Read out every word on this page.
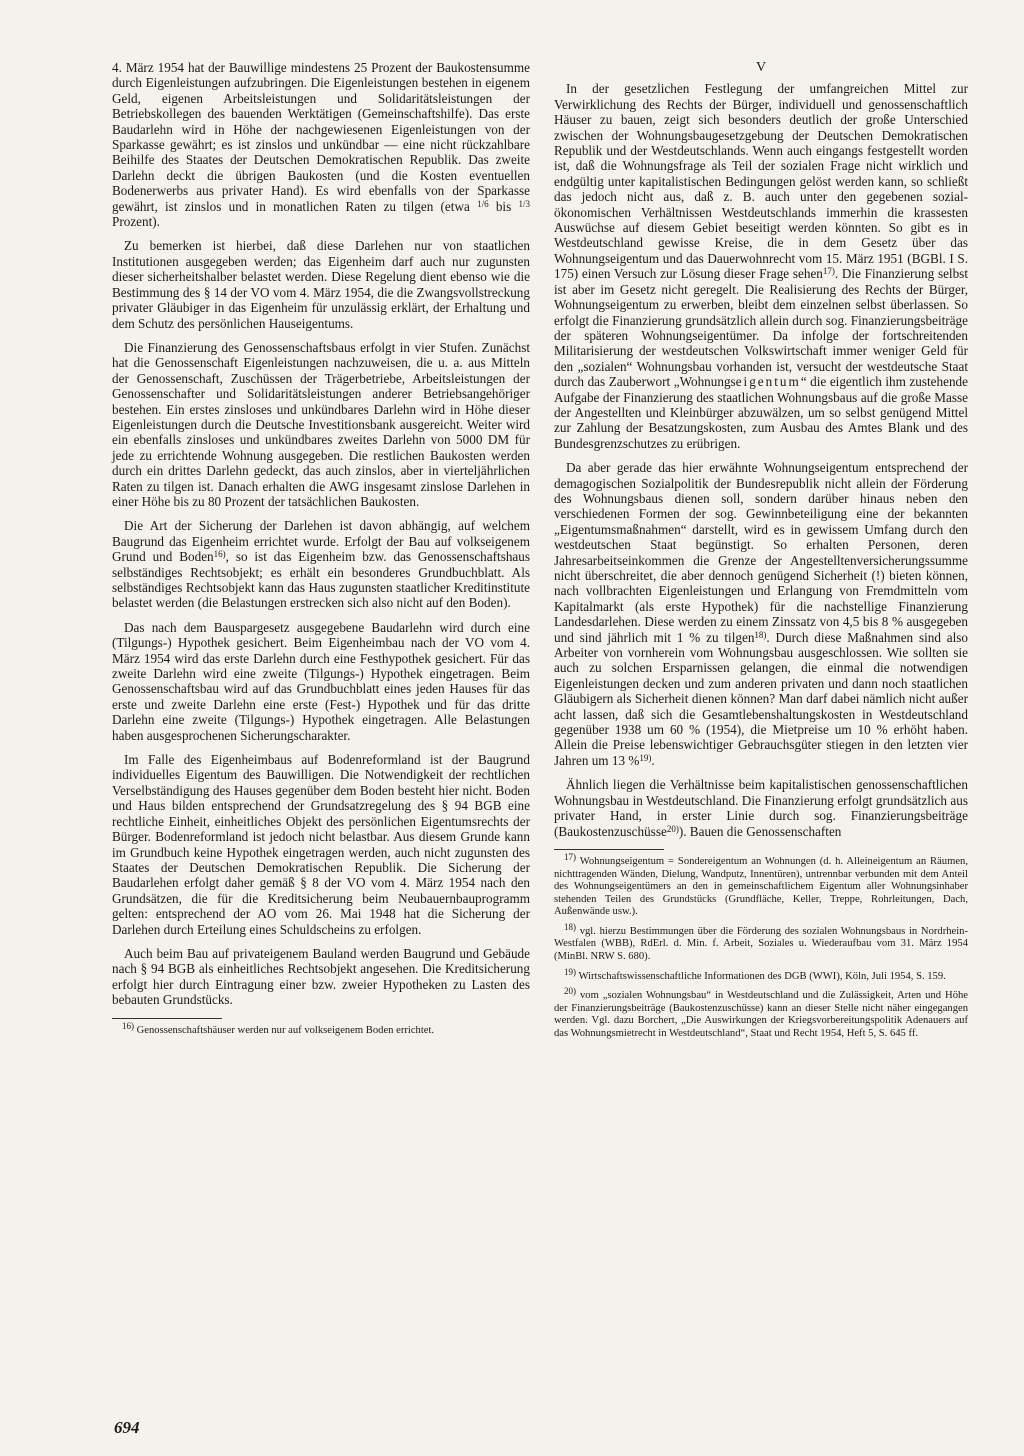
4. März 1954 hat der Bauwillige mindestens 25 Prozent der Baukostensumme durch Eigenleistungen aufzubringen. Die Eigenleistungen bestehen in eigenem Geld, eigenen Arbeitsleistungen und Solidaritätsleistungen der Betriebskollegen des bauenden Werktätigen (Gemeinschaftshilfe). Das erste Baudarlehn wird in Höhe der nachgewiesenen Eigenleistungen von der Sparkasse gewährt; es ist zinslos und unkündbar — eine nicht rückzahlbare Beihilfe des Staates der Deutschen Demokratischen Republik. Das zweite Darlehn deckt die übrigen Baukosten (und die Kosten eventuellen Bodenerwerbs aus privater Hand). Es wird ebenfalls von der Sparkasse gewährt, ist zinslos und in monatlichen Raten zu tilgen (etwa $^{1/6}$ bis $^{1/3}$ Prozent).

Zu bemerken ist hierbei, daß diese Darlehen nur von staatlichen Institutionen ausgegeben werden; das Eigenheim darf auch nur zugunsten dieser sicherheitshalber belastet werden. Diese Regelung dient ebenso wie die Bestimmung des § 14 der VO vom 4. März 1954, die die Zwangsvollstreckung privater Gläubiger in das Eigenheim für unzulässig erklärt, der Erhaltung und dem Schutz des persönlichen Hauseigentums.

Die Finanzierung des Genossenschaftsbaus erfolgt in vier Stufen. Zunächst hat die Genossenschaft Eigenleistungen nachzuweisen, die u. a. aus Mitteln der Genossenschaft, Zuschüssen der Trägerbetriebe, Arbeitsleistungen der Genossenschafter und Solidaritätsleistungen anderer Betriebsangehöriger bestehen. Ein erstes zinsloses und unkündbares Darlehn wird in Höhe dieser Eigenleistungen durch die Deutsche Investitionsbank ausgereicht. Weiter wird ein ebenfalls zinsloses und unkündbares zweites Darlehn von 5000 DM für jede zu errichtende Wohnung ausgegeben. Die restlichen Baukosten werden durch ein drittes Darlehn gedeckt, das auch zinslos, aber in vierteljährlichen Raten zu tilgen ist. Danach erhalten die AWG insgesamt zinslose Darlehen in einer Höhe bis zu 80 Prozent der tatsächlichen Baukosten.

Die Art der Sicherung der Darlehen ist davon abhängig, auf welchem Baugrund das Eigenheim errichtet wurde. Erfolgt der Bau auf volkseigenem Grund und Boden$^{16)}$, so ist das Eigenheim bzw. das Genossenschaftshaus selbständiges Rechtsobjekt; es erhält ein besonderes Grundbuchblatt. Als selbständiges Rechtsobjekt kann das Haus zugunsten staatlicher Kreditinstitute belastet werden (die Belastungen erstrecken sich also nicht auf den Boden).

Das nach dem Bauspargesetz ausgegebene Baudarlehn wird durch eine (Tilgungs-) Hypothek gesichert. Beim Eigenheimbau nach der VO vom 4. März 1954 wird das erste Darlehn durch eine Festhypothek gesichert. Für das zweite Darlehn wird eine zweite (Tilgungs-) Hypothek eingetragen. Beim Genossenschaftsbau wird auf das Grundbuchblatt eines jeden Hauses für das erste und zweite Darlehn eine erste (Fest-) Hypothek und für das dritte Darlehn eine zweite (Tilgungs-) Hypothek eingetragen. Alle Belastungen haben ausgesprochenen Sicherungscharakter.

Im Falle des Eigenheimbaus auf Bodenreformland ist der Baugrund individuelles Eigentum des Bauwilligen. Die Notwendigkeit der rechtlichen Verselbständigung des Hauses gegenüber dem Boden besteht hier nicht. Boden und Haus bilden entsprechend der Grundsatzregelung des § 94 BGB eine rechtliche Einheit, einheitliches Objekt des persönlichen Eigentumsrechts der Bürger. Bodenreformland ist jedoch nicht belastbar. Aus diesem Grunde kann im Grundbuch keine Hypothek eingetragen werden, auch nicht zugunsten des Staates der Deutschen Demokratischen Republik. Die Sicherung der Baudarlehen erfolgt daher gemäß § 8 der VO vom 4. März 1954 nach den Grundsätzen, die für die Kreditsicherung beim Neubauernbauprogramm gelten: entsprechend der AO vom 26. Mai 1948 hat die Sicherung der Darlehen durch Erteilung eines Schuldscheins zu erfolgen.

Auch beim Bau auf privateigenem Bauland werden Baugrund und Gebäude nach § 94 BGB als einheitliches Rechtsobjekt angesehen. Die Kreditsicherung erfolgt hier durch Eintragung einer bzw. zweier Hypotheken zu Lasten des bebauten Grundstücks.

$^{16)}$ Genossenschaftshäuser werden nur auf volkseigenem Boden errichtet.

V

In der gesetzlichen Festlegung der umfangreichen Mittel zur Verwirklichung des Rechts der Bürger, individuell und genossenschaftlich Häuser zu bauen, zeigt sich besonders deutlich der große Unterschied zwischen der Wohnungsbaugesetzgebung der Deutschen Demokratischen Republik und der Westdeutschlands. Wenn auch eingangs festgestellt worden ist, daß die Wohnungsfrage als Teil der sozialen Frage nicht wirklich und endgültig unter kapitalistischen Bedingungen gelöst werden kann, so schließt das jedoch nicht aus, daß z. B. auch unter den gegebenen sozial-ökonomischen Verhältnissen Westdeutschlands immerhin die krassesten Auswüchse auf diesem Gebiet beseitigt werden könnten. So gibt es in Westdeutschland gewisse Kreise, die in dem Gesetz über das Wohnungseigentum und das Dauerwohnrecht vom 15. März 1951 (BGBl. I S. 175) einen Versuch zur Lösung dieser Frage sehen$^{17)}$. Die Finanzierung selbst ist aber im Gesetz nicht geregelt. Die Realisierung des Rechts der Bürger, Wohnungseigentum zu erwerben, bleibt dem einzelnen selbst überlassen. So erfolgt die Finanzierung grundsätzlich allein durch sog. Finanzierungsbeiträge der späteren Wohnungseigentümer. Da infolge der fortschreitenden Militarisierung der westdeutschen Volkswirtschaft immer weniger Geld für den „sozialen“ Wohnungsbau vorhanden ist, versucht der westdeutsche Staat durch das Zauberwort „Wohnungseigentum“ die eigentlich ihm zustehende Aufgabe der Finanzierung des staatlichen Wohnungsbaus auf die große Masse der Angestellten und Kleinbürger abzuwälzen, um so selbst genügend Mittel zur Zahlung der Besatzungskosten, zum Ausbau des Amtes Blank und des Bundesgrenzschutzes zu erübrigen.

Da aber gerade das hier erwähnte Wohnungseigentum entsprechend der demagogischen Sozialpolitik der Bundesrepublik nicht allein der Förderung des Wohnungsbaus dienen soll, sondern darüber hinaus neben den verschiedenen Formen der sog. Gewinnbeteiligung eine der bekannten „Eigentumsmaßnahmen“ darstellt, wird es in gewissem Umfang durch den westdeutschen Staat begünstigt. So erhalten Personen, deren Jahresarbeitseinkommen die Grenze der Angestelltenversicherungssumme nicht überschreitet, die aber dennoch genügend Sicherheit (!) bieten können, nach vollbrachten Eigenleistungen und Erlangung von Fremdmitteln vom Kapitalmarkt (als erste Hypothek) für die nachstellige Finanzierung Landesdarlehen. Diese werden zu einem Zinssatz von 4,5 bis 8 % ausgegeben und sind jährlich mit 1 % zu tilgen$^{18)}$. Durch diese Maßnahmen sind also Arbeiter von vornherein vom Wohnungsbau ausgeschlossen. Wie sollten sie auch zu solchen Ersparnissen gelangen, die einmal die notwendigen Eigenleistungen decken und zum anderen privaten und dann noch staatlichen Gläubigern als Sicherheit dienen können? Man darf dabei nämlich nicht außer acht lassen, daß sich die Gesamtlebenshaltungskosten in Westdeutschland gegenüber 1938 um 60 % (1954), die Mietpreise um 10 % erhöht haben. Allein die Preise lebenswichtiger Gebrauchsgüter stiegen in den letzten vier Jahren um 13 %$^{19)}$.

Ähnlich liegen die Verhältnisse beim kapitalistischen genossenschaftlichen Wohnungsbau in Westdeutschland. Die Finanzierung erfolgt grundsätzlich aus privater Hand, in erster Linie durch sog. Finanzierungsbeiträge (Baukostenzuschüsse$^{20)}$). Bauen die Genossenschaften

$^{17)}$ Wohnungseigentum = Sondereigentum an Wohnungen (d. h. Alleineigentum an Räumen, nichttragenden Wänden, Dielung, Wandputz, Innentüren), untrennbar verbunden mit dem Anteil des Wohnungseigentümers an den in gemeinschaftlichem Eigentum aller Wohnungsinhaber stehenden Teilen des Grundstücks (Grundfläche, Keller, Treppe, Rohrleitungen, Dach, Außenwände usw.).

$^{18)}$ vgl. hierzu Bestimmungen über die Förderung des sozialen Wohnungsbaus in Nordrhein-Westfalen (WBB), RdErl. d. Min. f. Arbeit, Soziales u. Wiederaufbau vom 31. März 1954 (MinBl. NRW S. 680).

$^{19)}$ Wirtschaftswissenschaftliche Informationen des DGB (WWI), Köln, Juli 1954, S. 159.

$^{20)}$ vom „sozialen Wohnungsbau“ in Westdeutschland und die Zulässigkeit, Arten und Höhe der Finanzierungsbeiträge (Baukostenzuschüsse) kann an dieser Stelle nicht näher eingegangen werden. Vgl. dazu Borchert, „Die Auswirkungen der Kriegsvorbereitungspolitik Adenauers auf das Wohnungsmietrecht in Westdeutschland“, Staat und Recht 1954, Heft 5, S. 645 ff.

694
